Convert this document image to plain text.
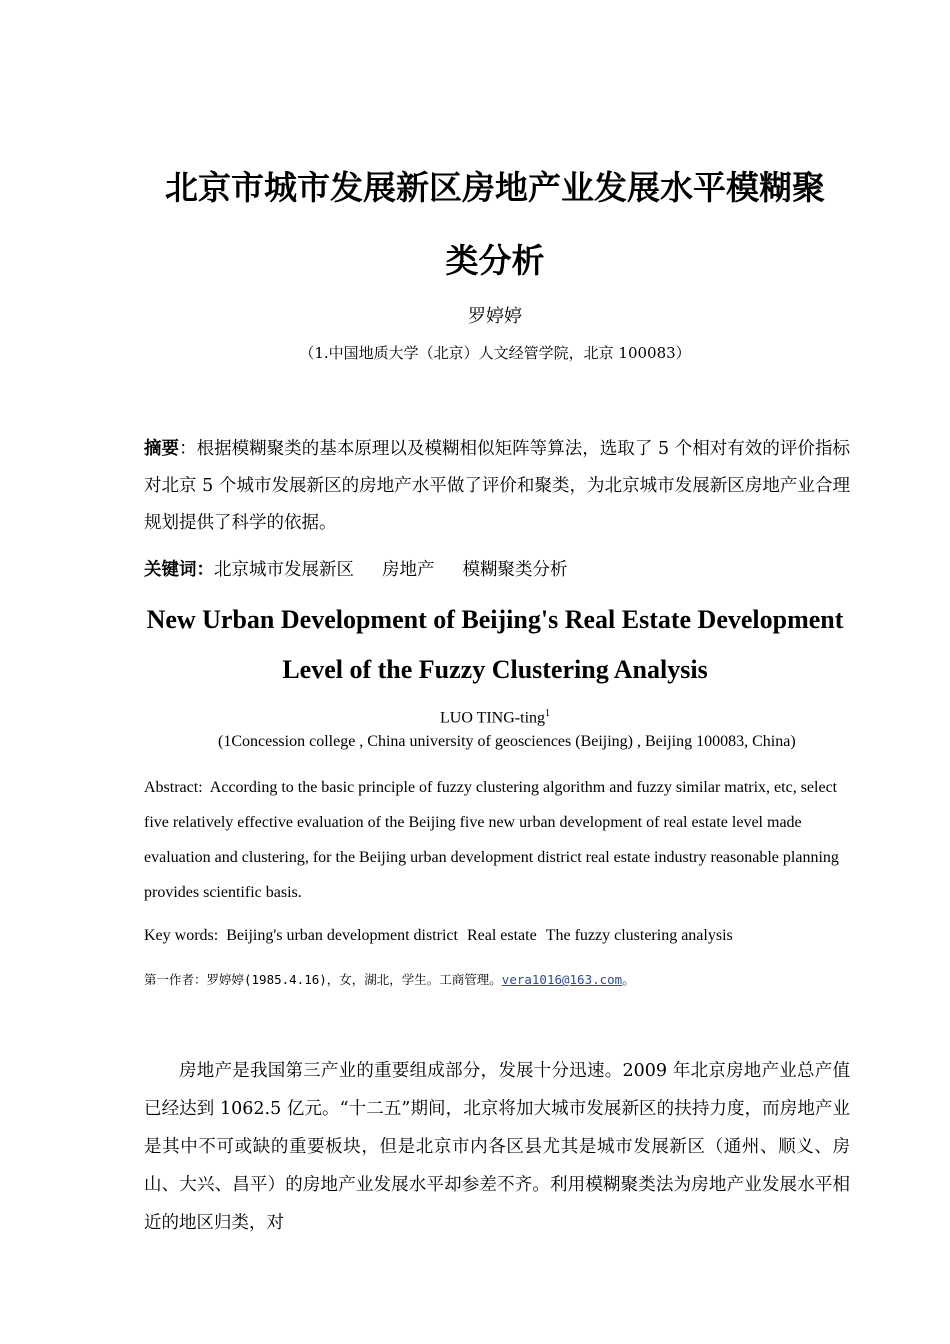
北京市城市发展新区房地产业发展水平模糊聚
类分析
罗婷婷
（1.中国地质大学（北京）人文经管学院，北京 100083）

摘要：根据模糊聚类的基本原理以及模糊相似矩阵等算法，选取了 5 个相对有效的评价指标对北京 5 个城市发展新区的房地产水平做了评价和聚类，为北京城市发展新区房地产业合理规划提供了科学的依据。

关键词：北京城市发展新区 房地产 模糊聚类分析
New Urban Development of Beijing's Real Estate Development
Level of the Fuzzy Clustering Analysis
LUO TING-ting$^1$
(1Concession college , China university of geosciences (Beijing) , Beijing 100083, China)

Abstract: According to the basic principle of fuzzy clustering algorithm and fuzzy similar matrix, etc, select five relatively effective evaluation of the Beijing five new urban development of real estate level made evaluation and clustering, for the Beijing urban development district real estate industry reasonable planning provides scientific basis.

Key words: Beijing's urban development district Real estate The fuzzy clustering analysis
第一作者：罗婷婷(1985.4.16)，女，湖北，学生。工商管理。vera1016@163.com。

房地产是我国第三产业的重要组成部分，发展十分迅速。2009 年北京房地产业总产值已经达到 1062.5 亿元。“十二五”期间，北京将加大城市发展新区的扶持力度，而房地产业是其中不可或缺的重要板块，但是北京市内各区县尤其是城市发展新区（通州、顺义、房山、大兴、昌平）的房地产业发展水平却参差不齐。利用模糊聚类法为房地产业发展水平相近的地区归类，对
